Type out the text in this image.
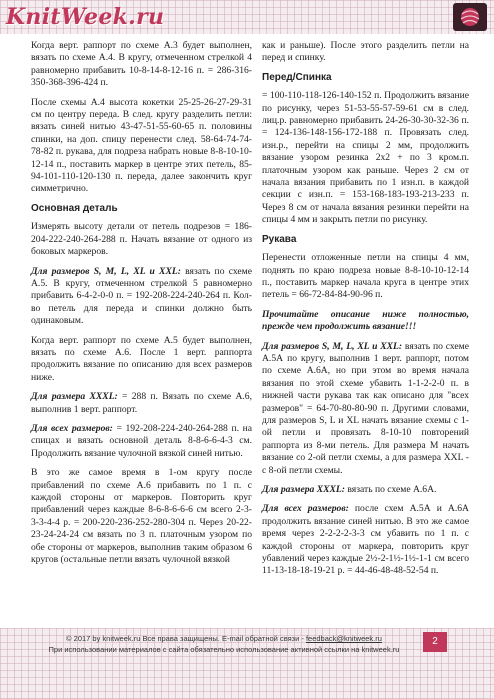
KnitWeek.ru

Когда верт. раппорт по схеме А.3 будет выполнен, вязать по схеме А.4. В кругу, отмеченном стрелкой 4 равномерно прибавить 10-8-14-8-12-16 п. = 286-316-350-368-396-424 п.

После схемы А.4 высота кокетки 25-25-26-27-29-31 см по центру переда. В след. кругу разделить петли: вязать синей нитью 43-47-51-55-60-65 п. половины спинки, на доп. спицу перенести след. 58-64-74-74-78-82 п. рукава, для подреза набрать новые 8-8-10-10-12-14 п., поставить маркер в центре этих петель, 85-94-101-110-120-130 п. переда, далее закончить круг симметрично.

Основная деталь

Измерять высоту детали от петель подрезов = 186-204-222-240-264-288 п. Начать вязание от одного из боковых маркеров.

Для размеров S, M, L, XL и XXL: вязать по схеме А.5. В кругу, отмеченном стрелкой 5 равномерно прибавить 6-4-2-0-0 п. = 192-208-224-240-264 п. Кол-во петель для переда и спинки должно быть одинаковым.

Когда верт. раппорт по схеме А.5 будет выполнен, вязать по схеме А.6. После 1 верт. раппорта продолжить вязание по описанию для всех размеров ниже.

Для размера XXXL: = 288 п. Вязать по схеме А.6, выполнив 1 верт. раппорт.

Для всех размеров: = 192-208-224-240-264-288 п. на спицах и вязать основной деталь 8-8-6-6-4-3 см. Продолжить вязание чулочной вязкой синей нитью.

В это же самое время в 1-ом кругу после прибавлений по схеме А.6 прибавить по 1 п. с каждой стороны от маркеров. Повторить круг прибавлений через каждые 8-6-8-6-6-6 см всего 2-3-3-3-4-4 р. = 200-220-236-252-280-304 п. Через 20-22-23-24-24-24 см вязать по 3 п. платочным узором по обе стороны от маркеров, выполнив таким образом 6 кругов (остальные петли вязать чулочной вязкой

как и раньше). После этого разделить петли на перед и спинку.

Перед/Спинка

= 100-110-118-126-140-152 п. Продолжить вязание по рисунку, через 51-53-55-57-59-61 см в след. лиц.р. равномерно прибавить 24-26-30-30-32-36 п. = 124-136-148-156-172-188 п. Провязать след. изн.р., перейти на спицы 2 мм, продолжить вязание узором резинка 2x2 + по 3 кром.п. платочным узором как раньше. Через 2 см от начала вязания прибавить по 1 изн.п. в каждой секции с изн.п. = 153-168-183-193-213-233 п. Через 8 см от начала вязания резинки перейти на спицы 4 мм и закрыть петли по рисунку.

Рукава

Перенести отложенные петли на спицы 4 мм, поднять по краю подреза новые 8-8-10-10-12-14 п., поставить маркер начала круга в центре этих петель = 66-72-84-84-90-96 п.

Прочитайте описание ниже полностью, прежде чем продолжить вязание!!!

Для размеров S, M, L, XL и XXL: вязать по схеме А.5А по кругу, выполнив 1 верт. раппорт, потом по схеме А.6А, но при этом во время начала вязания по этой схеме убавить 1-1-2-2-0 п. в нижней части рукава так как описано для "всех размеров" = 64-70-80-80-90 п. Другими словами, для размеров S, L и XL начать вязание схемы с 1-ой петли и провязать 8-10-10 повторений раппорта из 8-ми петель. Для размера M начать вязание со 2-ой петли схемы, а для размера XXL - с 8-ой петли схемы.

Для размера XXXL: вязать по схеме А.6А.

Для всех размеров: после схем А.5А и А.6А продолжить вязание синей нитью. В это же самое время через 2-2-2-2-3-3 см убавить по 1 п. с каждой стороны от маркера, повторить круг убавлений через каждые 2½-2-1½-1½-1-1 см всего 11-13-18-18-19-21 р. = 44-46-48-48-52-54 п.

© 2017 by knitweek.ru Все права защищены. E-mail обратной связи - feedback@knitweek.ru
При использовании материалов с сайта обязательно использование активной ссылки на knitweek.ru
2
